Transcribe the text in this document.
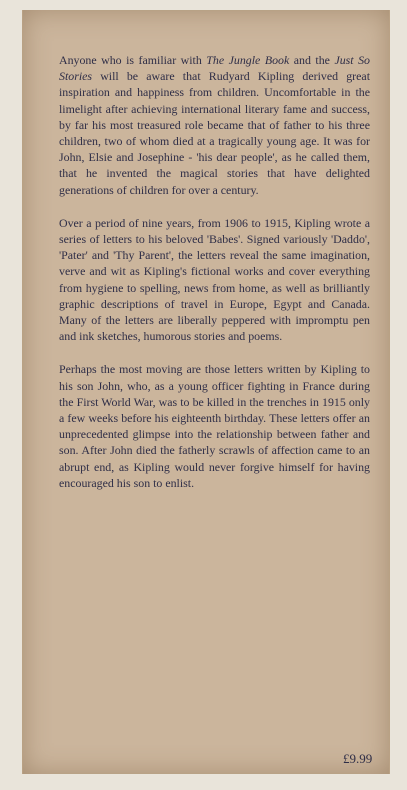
Anyone who is familiar with The Jungle Book and the Just So Stories will be aware that Rudyard Kipling derived great inspiration and happiness from children. Uncomfortable in the limelight after achieving international literary fame and success, by far his most treasured role became that of father to his three children, two of whom died at a tragically young age. It was for John, Elsie and Josephine - 'his dear people', as he called them, that he invented the magical stories that have delighted generations of children for over a century.

Over a period of nine years, from 1906 to 1915, Kipling wrote a series of letters to his beloved 'Babes'. Signed variously 'Daddo', 'Pater' and 'Thy Parent', the letters reveal the same imagination, verve and wit as Kipling's fictional works and cover everything from hygiene to spelling, news from home, as well as brilliantly graphic descriptions of travel in Europe, Egypt and Canada. Many of the letters are liberally peppered with impromptu pen and ink sketches, humorous stories and poems.

Perhaps the most moving are those letters written by Kipling to his son John, who, as a young officer fighting in France during the First World War, was to be killed in the trenches in 1915 only a few weeks before his eighteenth birthday. These letters offer an unprecedented glimpse into the relationship between father and son. After John died the fatherly scrawls of affection came to an abrupt end, as Kipling would never forgive himself for having encouraged his son to enlist.

£9.99
